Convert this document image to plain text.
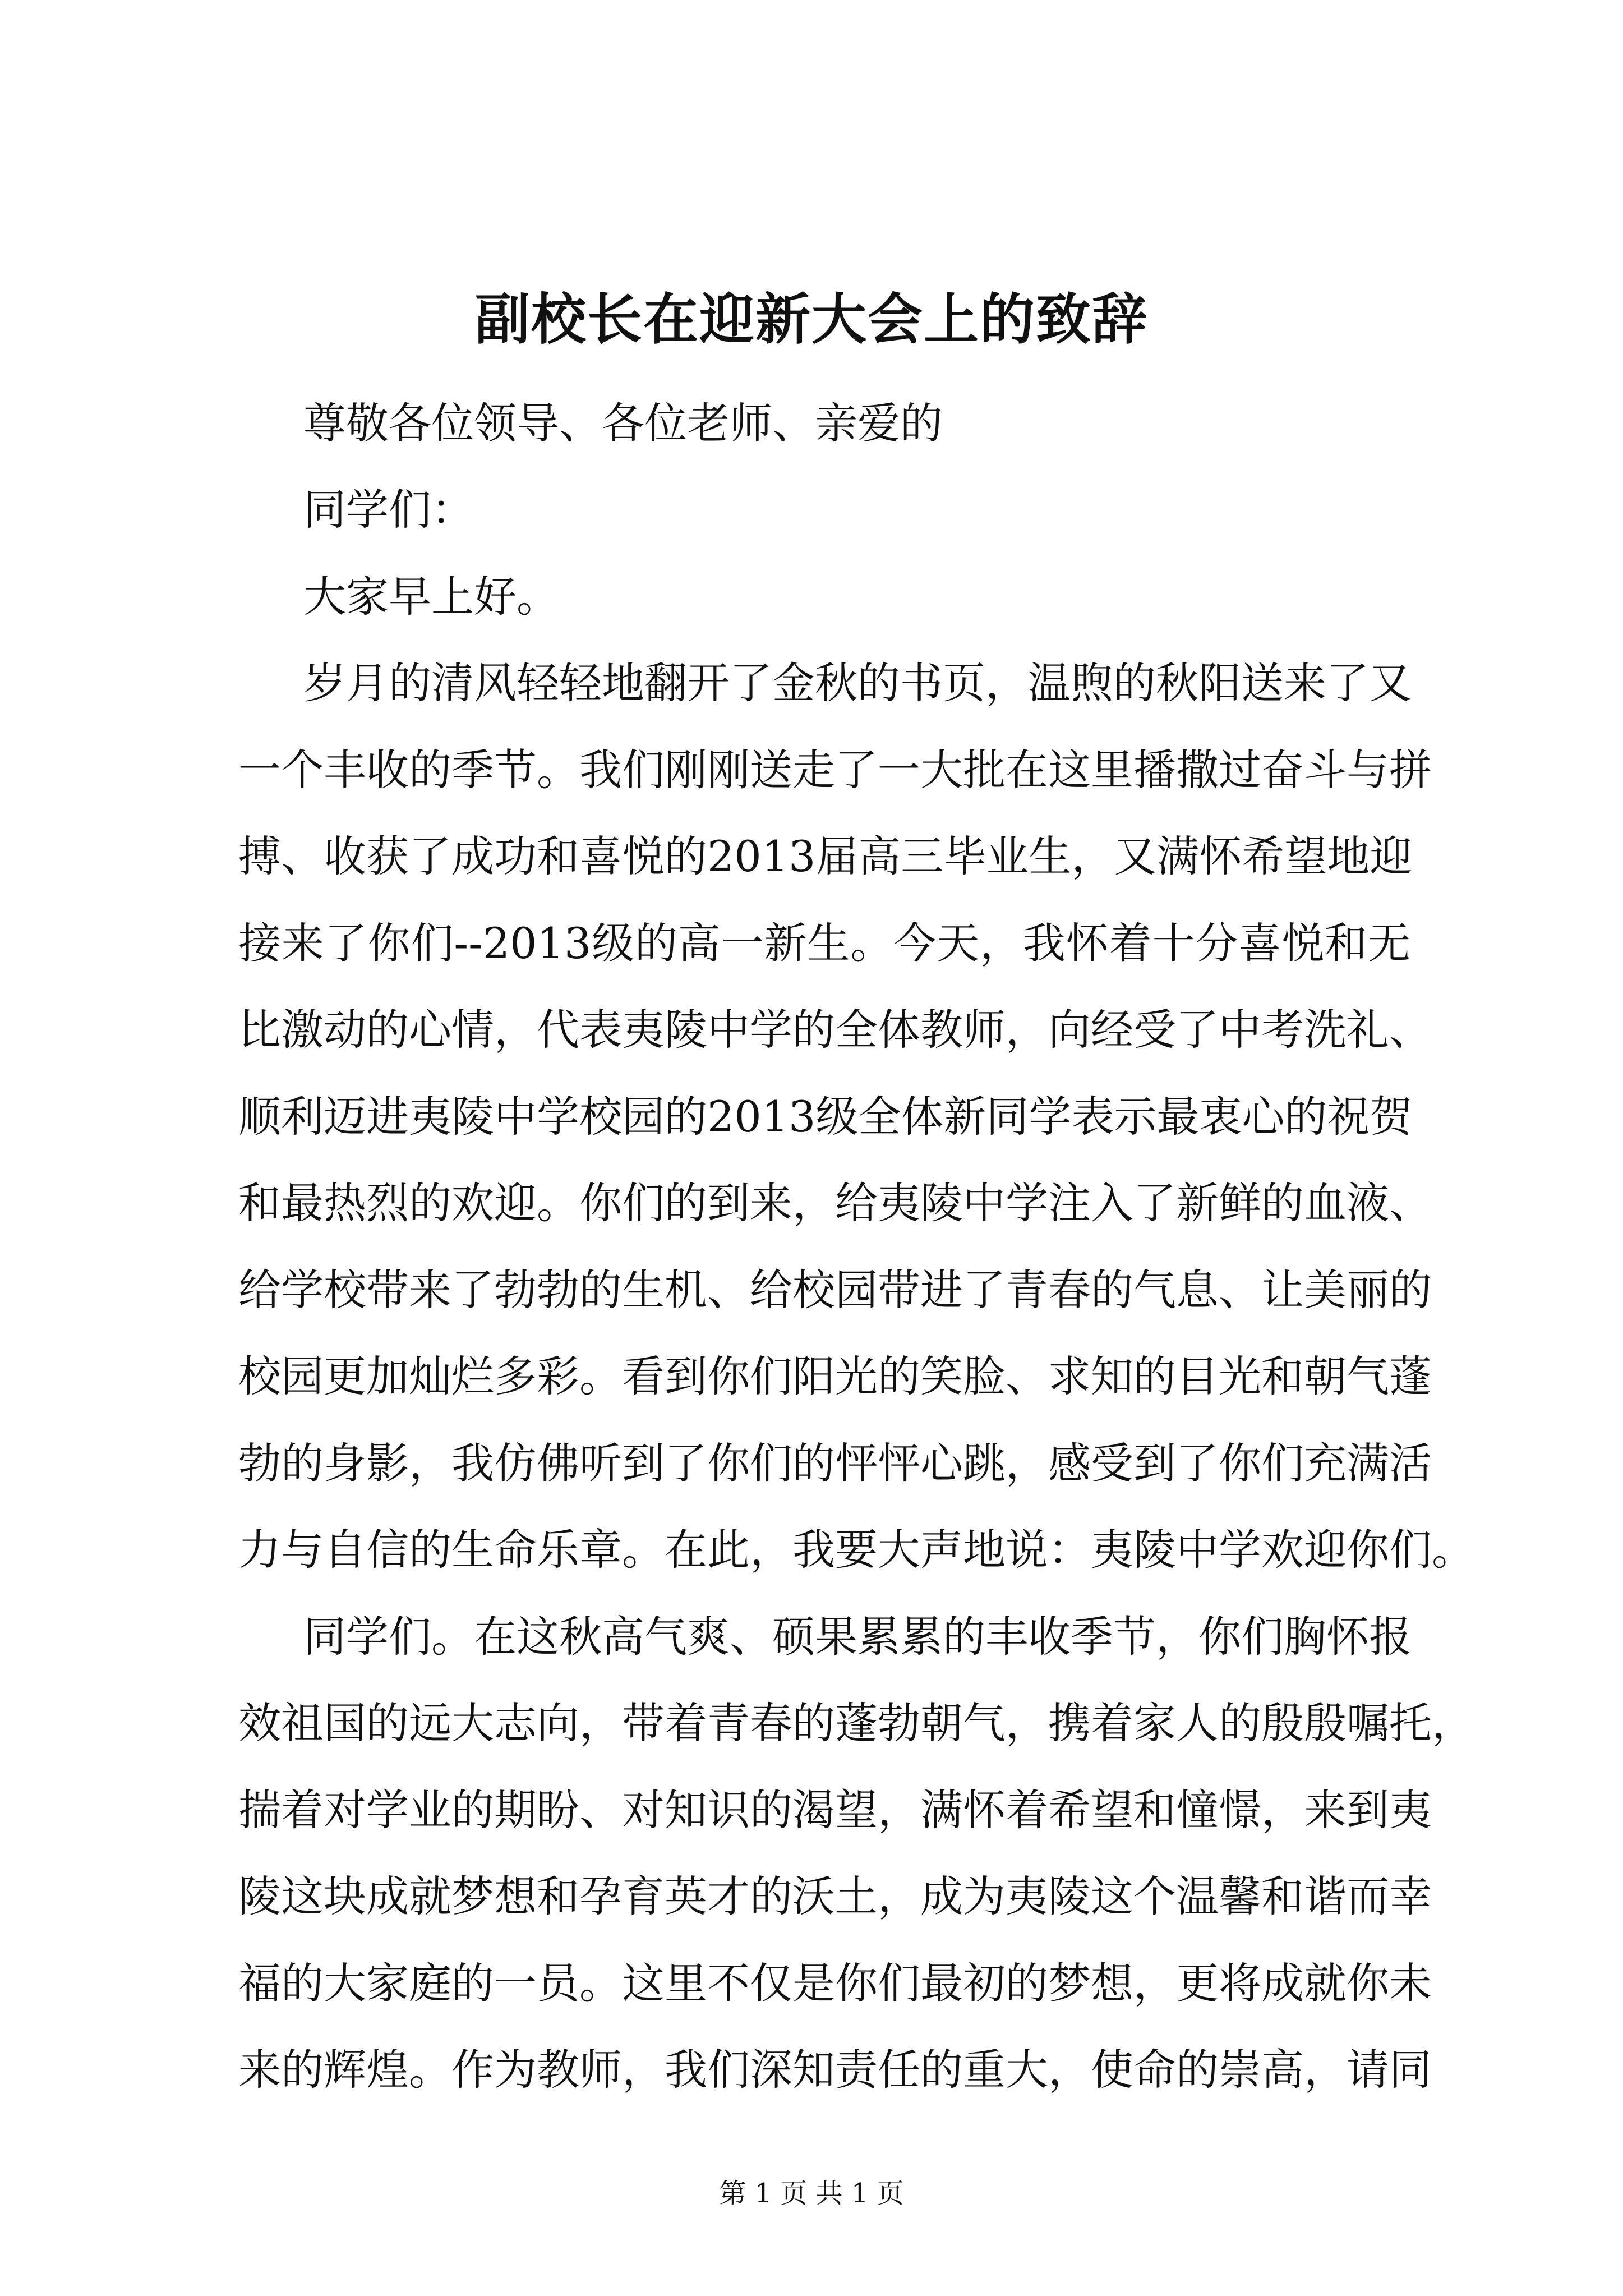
副校长在迎新大会上的致辞
尊敬各位领导、各位老师、亲爱的
同学们：
大家早上好。
岁月的清风轻轻地翻开了金秋的书页，温煦的秋阳送来了又
一个丰收的季节。我们刚刚送走了一大批在这里播撒过奋斗与拼
搏、收获了成功和喜悦的2013届高三毕业生，又满怀希望地迎
接来了你们--2013级的高一新生。今天，我怀着十分喜悦和无
比激动的心情，代表夷陵中学的全体教师，向经受了中考洗礼、
顺利迈进夷陵中学校园的2013级全体新同学表示最衷心的祝贺
和最热烈的欢迎。你们的到来，给夷陵中学注入了新鲜的血液、
给学校带来了勃勃的生机、给校园带进了青春的气息、让美丽的
校园更加灿烂多彩。看到你们阳光的笑脸、求知的目光和朝气蓬
勃的身影，我仿佛听到了你们的怦怦心跳，感受到了你们充满活
力与自信的生命乐章。在此，我要大声地说：夷陵中学欢迎你们。
同学们。在这秋高气爽、硕果累累的丰收季节，你们胸怀报
效祖国的远大志向，带着青春的蓬勃朝气，携着家人的殷殷嘱托，
揣着对学业的期盼、对知识的渴望，满怀着希望和憧憬，来到夷
陵这块成就梦想和孕育英才的沃土，成为夷陵这个温馨和谐而幸
福的大家庭的一员。这里不仅是你们最初的梦想，更将成就你未
来的辉煌。作为教师，我们深知责任的重大，使命的崇高，请同
第 1 页 共 1 页
